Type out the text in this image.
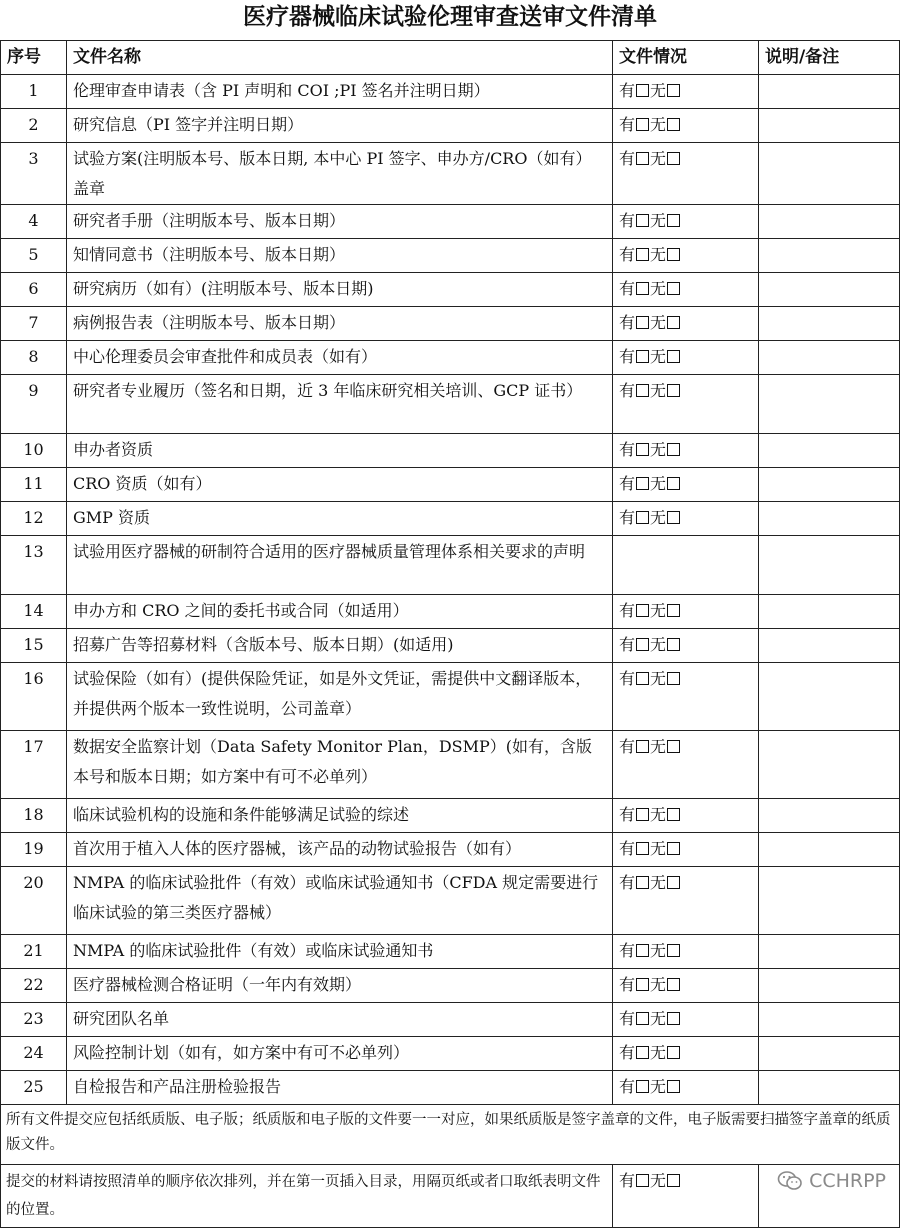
医疗器械临床试验伦理审查送审文件清单
序号	文件名称	文件情况	说明/备注
1	伦理审查申请表（含 PI 声明和 COI ;PI 签名并注明日期）	有 无	
2	研究信息（PI 签字并注明日期）	有 无	
3	试验方案(注明版本号、版本日期, 本中心 PI 签字、申办方/CRO（如有）盖章	有 无	
4	研究者手册（注明版本号、版本日期）	有 无	
5	知情同意书（注明版本号、版本日期）	有 无	
6	研究病历（如有）(注明版本号、版本日期)	有 无	
7	病例报告表（注明版本号、版本日期）	有 无	
8	中心伦理委员会审查批件和成员表（如有）	有 无	
9	研究者专业履历（签名和日期，近 3 年临床研究相关培训、GCP 证书）	有 无	
10	申办者资质	有 无	
11	CRO 资质（如有）	有 无	
12	GMP 资质	有 无	
13	试验用医疗器械的研制符合适用的医疗器械质量管理体系相关要求的声明		
14	申办方和 CRO 之间的委托书或合同（如适用）	有 无	
15	招募广告等招募材料（含版本号、版本日期）(如适用)	有 无	
16	试验保险（如有）(提供保险凭证，如是外文凭证，需提供中文翻译版本，并提供两个版本一致性说明，公司盖章）	有 无	
17	数据安全监察计划（Data Safety Monitor Plan，DSMP）(如有，含版本号和版本日期；如方案中有可不必单列）	有 无	
18	临床试验机构的设施和条件能够满足试验的综述	有 无	
19	首次用于植入人体的医疗器械，该产品的动物试验报告（如有）	有 无	
20	NMPA 的临床试验批件（有效）或临床试验通知书（CFDA 规定需要进行临床试验的第三类医疗器械）	有 无	
21	NMPA 的临床试验批件（有效）或临床试验通知书	有 无	
22	医疗器械检测合格证明（一年内有效期）	有 无	
23	研究团队名单	有 无	
24	风险控制计划（如有，如方案中有可不必单列）	有 无	
25	自检报告和产品注册检验报告	有 无	
所有文件提交应包括纸质版、电子版；纸质版和电子版的文件要一一对应，如果纸质版是签字盖章的文件，电子版需要扫描签字盖章的纸质版文件。			
提交的材料请按照清单的顺序依次排列，并在第一页插入目录，用隔页纸或者口取纸表明文件的位置。		有 无		CCHRPP
